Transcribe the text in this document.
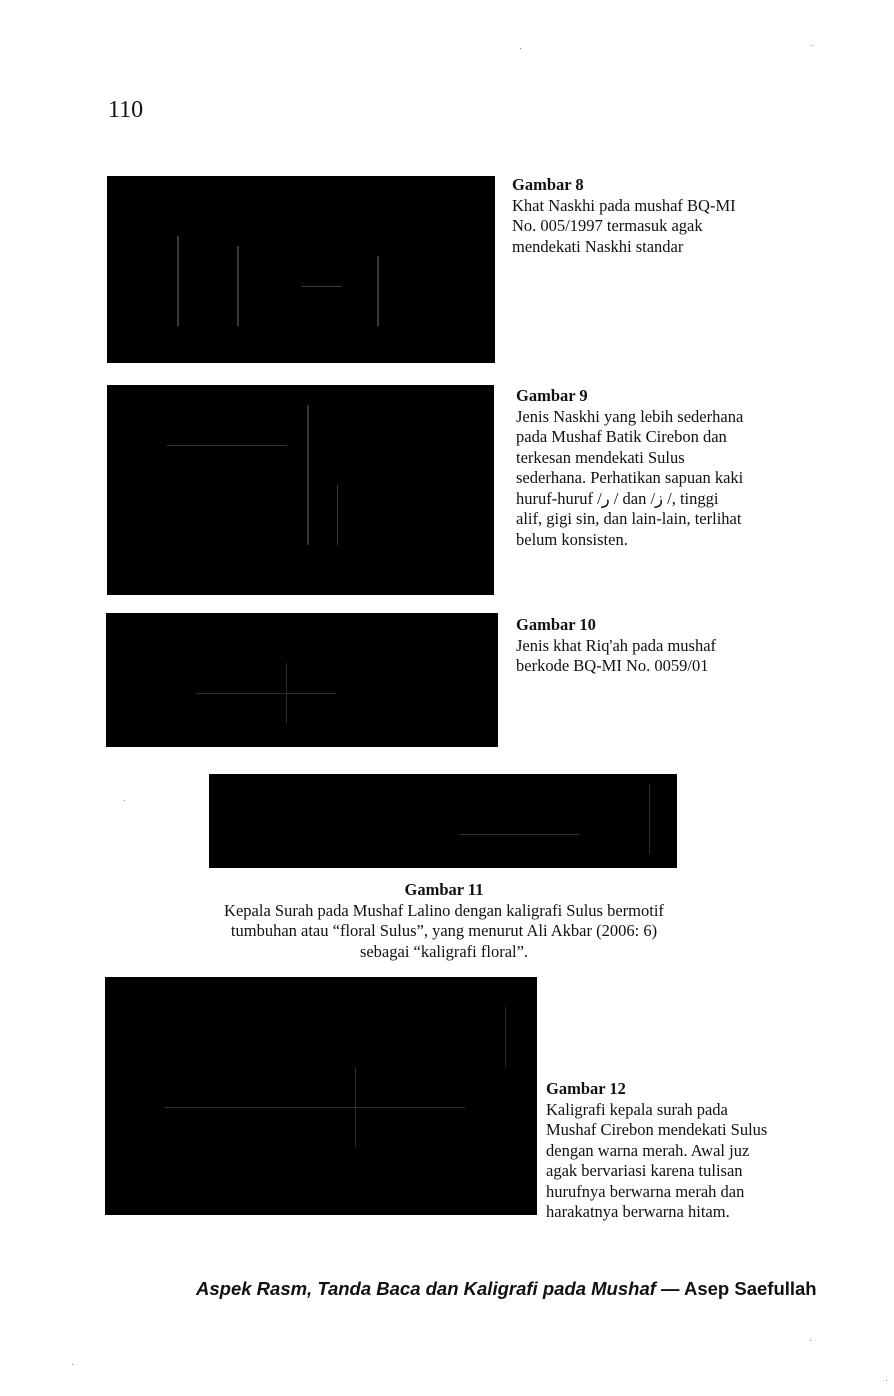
110
Gambar 8
Khat Naskhi pada mushaf BQ-MI
No. 005/1997 termasuk agak
mendekati Naskhi standar
Gambar 9
Jenis Naskhi yang lebih sederhana
pada Mushaf Batik Cirebon dan
terkesan mendekati Sulus
sederhana. Perhatikan sapuan kaki
huruf-huruf /ر / dan /ز /, tinggi
alif, gigi sin, dan lain-lain, terlihat
belum konsisten.
Gambar 10
Jenis khat Riq'ah pada mushaf
berkode BQ-MI No. 0059/01
Gambar 11
Kepala Surah pada Mushaf Lalino dengan kaligrafi Sulus bermotif
tumbuhan atau “floral Sulus”, yang menurut Ali Akbar (2006: 6)
sebagai “kaligrafi floral”.
Gambar 12
Kaligrafi kepala surah pada
Mushaf Cirebon mendekati Sulus
dengan warna merah. Awal juz
agak bervariasi karena tulisan
hurufnya berwarna merah dan
harakatnya berwarna hitam.
Aspek Rasm, Tanda Baca dan Kaligrafi pada Mushaf — Asep Saefullah
